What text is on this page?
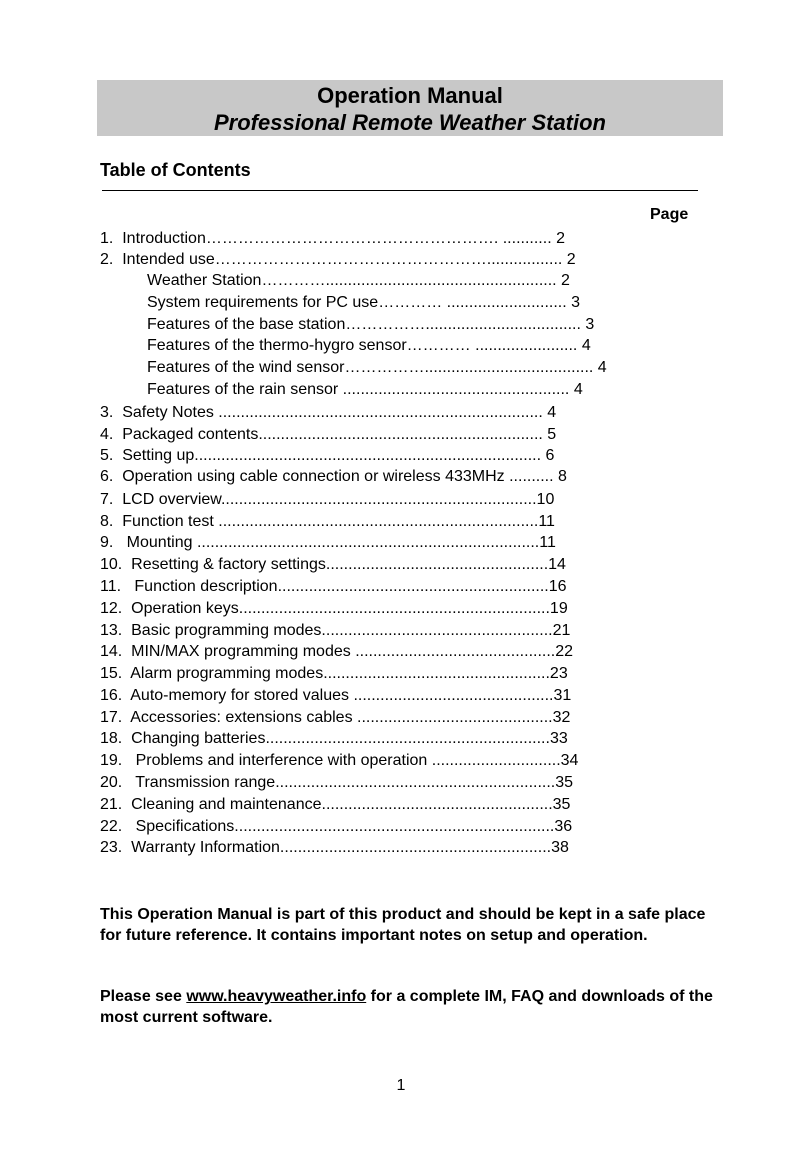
Operation Manual
Professional Remote Weather Station
Table of Contents
Page
1.  Introduction………………………………………………. ........... 2
2.  Intended use……………………………………………................. 2
Weather Station………….................................................... 2
System requirements for PC use………… ........................... 3
Features of the base station……………................................... 3
Features of the thermo-hygro sensor………… ....................... 4
Features of the wind sensor……………...................................... 4
Features of the rain sensor ................................................... 4
3.  Safety Notes ......................................................................... 4
4.  Packaged contents................................................................ 5
5.  Setting up.............................................................................. 6
6.  Operation using cable connection or wireless 433MHz .......... 8
7.  LCD overview.......................................................................10
8.  Function test ........................................................................11
9.   Mounting .............................................................................11
10.  Resetting & factory settings..................................................14
11.   Function description.............................................................16
12.  Operation keys......................................................................19
13.  Basic programming modes....................................................21
14.  MIN/MAX programming modes .............................................22
15.  Alarm programming modes...................................................23
16.  Auto-memory for stored values .............................................31
17.  Accessories: extensions cables ............................................32
18.  Changing batteries................................................................33
19.   Problems and interference with operation .............................34
20.   Transmission range...............................................................35
21.  Cleaning and maintenance....................................................35
22.   Specifications........................................................................36
23.  Warranty Information.............................................................38
This Operation Manual is part of this product and should be kept in a safe place for future reference. It contains important notes on setup and operation.
Please see www.heavyweather.info for a complete IM, FAQ and downloads of the most current software.
1
